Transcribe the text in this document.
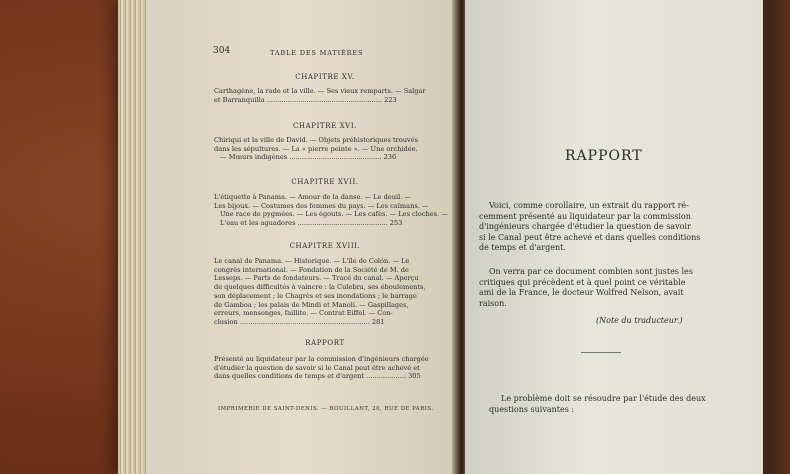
304	TABLE DES MATIÈRES
CHAPITRE XV.
Carthagène, la rade et la ville. — Ses vieux remparts. — Salgar
et Barranquilla ....................................................... 223
CHAPITRE XVI.
Chiriqui et la ville de David. — Objets préhistoriques trouvés
dans les sépultures. — La « pierre peinte ». — Une orchidée.
— Mœurs indigènes ............................................ 236
CHAPITRE XVII.
L'étiquette à Panama. — Amour de la danse. — Le deuil. —
Les bijoux. — Costumes des femmes du pays. — Les caïmans. —
Une race de pygmées. — Les égouts. — Les cafés. — Les cloches. —
L'eau et les aguadores ........................................... 253
CHAPITRE XVIII.
Le canal de Panama. — Historique. — L'île de Colón. — Le
congrès international. — Fondation de la Société de M. de
Lesseps. — Parts de fondateurs. — Tracé du canal. — Aperçu
de quelques difficultés à vaincre : la Culebra, ses éboulements,
son déplacement ; le Chagrès et ses inondations ; le barrage
de Gamboa ; les palais de Mindi et Manoli. — Gaspillages,
erreurs, mensonges, faillite. — Contrat Eiffel. — Con-
clusion .............................................................. 281
RAPPORT
Présenté au liquidateur par la commission d'ingénieurs chargée
d'étudier la question de savoir si le Canal peut être achevé et
dans quelles conditions de temps et d'argent ................... 305
IMPRIMERIE DE SAINT-DENIS. — BOUILLANT, 20, RUE DE PARIS.
RAPPORT
Voici, comme corollaire, un extrait du rapport ré-
cemment présenté au liquidateur par la commission
d'ingénieurs chargée d'étudier la question de savoir
si le Canal peut être achevé et dans quelles conditions
de temps et d'argent.
On verra par ce document combien sont justes les
critiques qui précèdent et à quel point ce véritable
ami de la France, le docteur Wolfred Nelson, avait
raison.
(Note du traducteur.)
Le problème doit se résoudre par l'étude des deux
questions suivantes :
